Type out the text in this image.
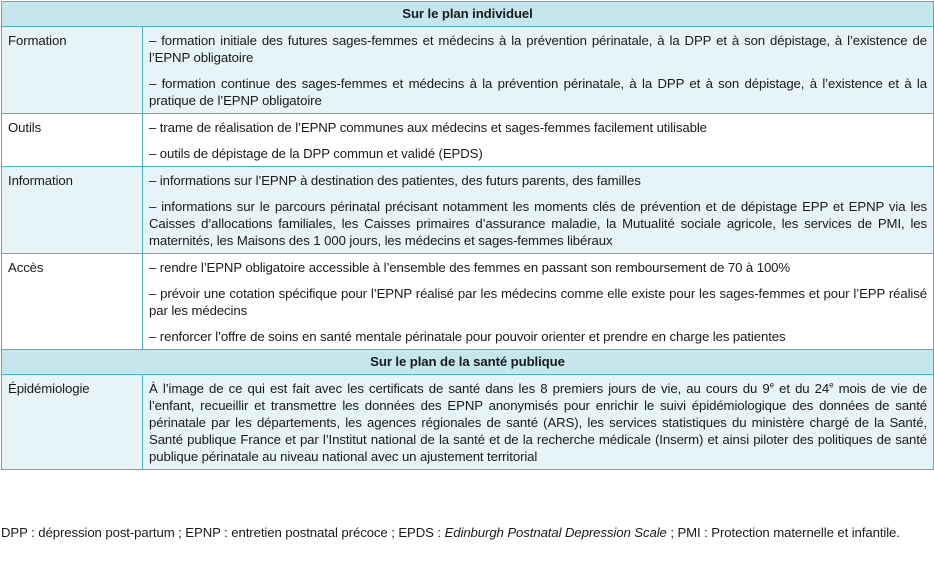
Sur le plan individuel	
Formation	– formation initiale des futures sages-femmes et médecins à la prévention périnatale, à la DPP et à son dépistage, à l’existence de l’EPNP obligatoire

– formation continue des sages-femmes et médecins à la prévention périnatale, à la DPP et à son dépistage, à l’existence et à la pratique de l’EPNP obligatoire

Outils	– trame de réalisation de l’EPNP communes aux médecins et sages-femmes facilement utilisable

– outils de dépistage de la DPP commun et validé (EPDS)

Information	– informations sur l’EPNP à destination des patientes, des futurs parents, des familles

– informations sur le parcours périnatal précisant notamment les moments clés de prévention et de dépistage EPP et EPNP via les Caisses d’allocations familiales, les Caisses primaires d’assurance maladie, la Mutualité sociale agricole, les services de PMI, les maternités, les Maisons des 1 000 jours, les médecins et sages-femmes libéraux

Accès	– rendre l’EPNP obligatoire accessible à l’ensemble des femmes en passant son remboursement de 70 à 100%

– prévoir une cotation spécifique pour l’EPNP réalisé par les médecins comme elle existe pour les sages-femmes et pour l’EPP réalisé par les médecins

– renforcer l’offre de soins en santé mentale périnatale pour pouvoir orienter et prendre en charge les patientes

Sur le plan de la santé publique	
Épidémiologie	À l’image de ce qui est fait avec les certificats de santé dans les 8 premiers jours de vie, au cours du 9e et du 24e mois de vie de l’enfant, recueillir et transmettre les données des EPNP anonymisés pour enrichir le suivi épidémiologique des données de santé périnatale par les départements, les agences régionales de santé (ARS), les services statistiques du ministère chargé de la Santé, Santé publique France et par l’Institut national de la santé et de la recherche médicale (Inserm) et ainsi piloter des politiques de santé publique périnatale au niveau national avec un ajustement territorial

DPP : dépression post-partum ; EPNP : entretien postnatal précoce ; EPDS : Edinburgh Postnatal Depression Scale ; PMI : Protection maternelle et infantile.
